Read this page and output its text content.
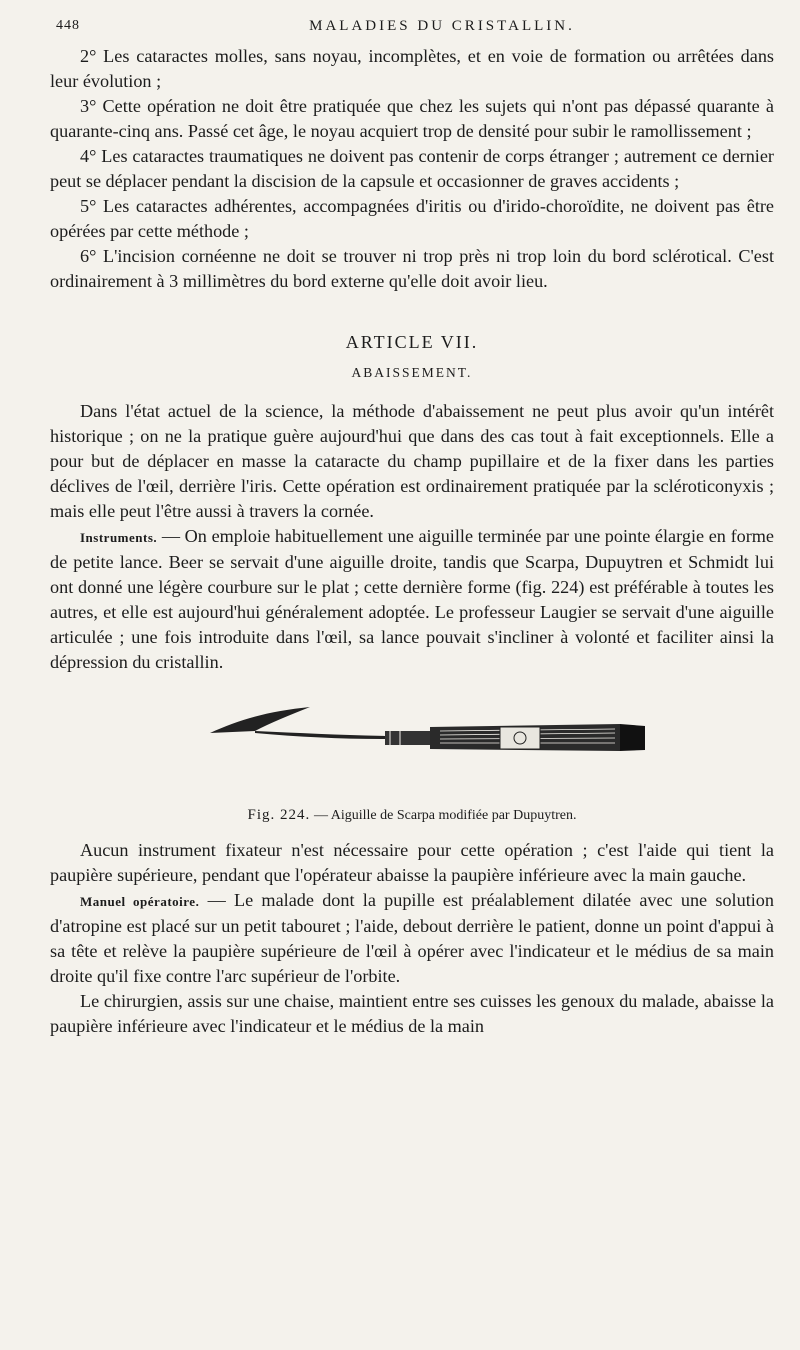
448	MALADIES DU CRISTALLIN.

2° Les cataractes molles, sans noyau, incomplètes, et en voie de formation ou arrêtées dans leur évolution ;

3° Cette opération ne doit être pratiquée que chez les sujets qui n'ont pas dépassé quarante à quarante-cinq ans. Passé cet âge, le noyau acquiert trop de densité pour subir le ramollissement ;

4° Les cataractes traumatiques ne doivent pas contenir de corps étranger ; autrement ce dernier peut se déplacer pendant la discision de la capsule et occasionner de graves accidents ;

5° Les cataractes adhérentes, accompagnées d'iritis ou d'irido-choroïdite, ne doivent pas être opérées par cette méthode ;

6° L'incision cornéenne ne doit se trouver ni trop près ni trop loin du bord sclérotical. C'est ordinairement à 3 millimètres du bord externe qu'elle doit avoir lieu.

ARTICLE VII.
ABAISSEMENT.

Dans l'état actuel de la science, la méthode d'abaissement ne peut plus avoir qu'un intérêt historique ; on ne la pratique guère aujourd'hui que dans des cas tout à fait exceptionnels. Elle a pour but de déplacer en masse la cataracte du champ pupillaire et de la fixer dans les parties déclives de l'œil, derrière l'iris. Cette opération est ordinairement pratiquée par la scléroticonyxis ; mais elle peut l'être aussi à travers la cornée.

Instruments. — On emploie habituellement une aiguille terminée par une pointe élargie en forme de petite lance. Beer se servait d'une aiguille droite, tandis que Scarpa, Dupuytren et Schmidt lui ont donné une légère courbure sur le plat ; cette dernière forme (fig. 224) est préférable à toutes les autres, et elle est aujourd'hui généralement adoptée. Le professeur Laugier se servait d'une aiguille articulée ; une fois introduite dans l'œil, sa lance pouvait s'incliner à volonté et faciliter ainsi la dépression du cristallin.

Fig. 224. — Aiguille de Scarpa modifiée par Dupuytren.

Aucun instrument fixateur n'est nécessaire pour cette opération ; c'est l'aide qui tient la paupière supérieure, pendant que l'opérateur abaisse la paupière inférieure avec la main gauche.

Manuel opératoire. — Le malade dont la pupille est préalablement dilatée avec une solution d'atropine est placé sur un petit tabouret ; l'aide, debout derrière le patient, donne un point d'appui à sa tête et relève la paupière supérieure de l'œil à opérer avec l'indicateur et le médius de sa main droite qu'il fixe contre l'arc supérieur de l'orbite.

Le chirurgien, assis sur une chaise, maintient entre ses cuisses les genoux du malade, abaisse la paupière inférieure avec l'indicateur et le médius de la main
